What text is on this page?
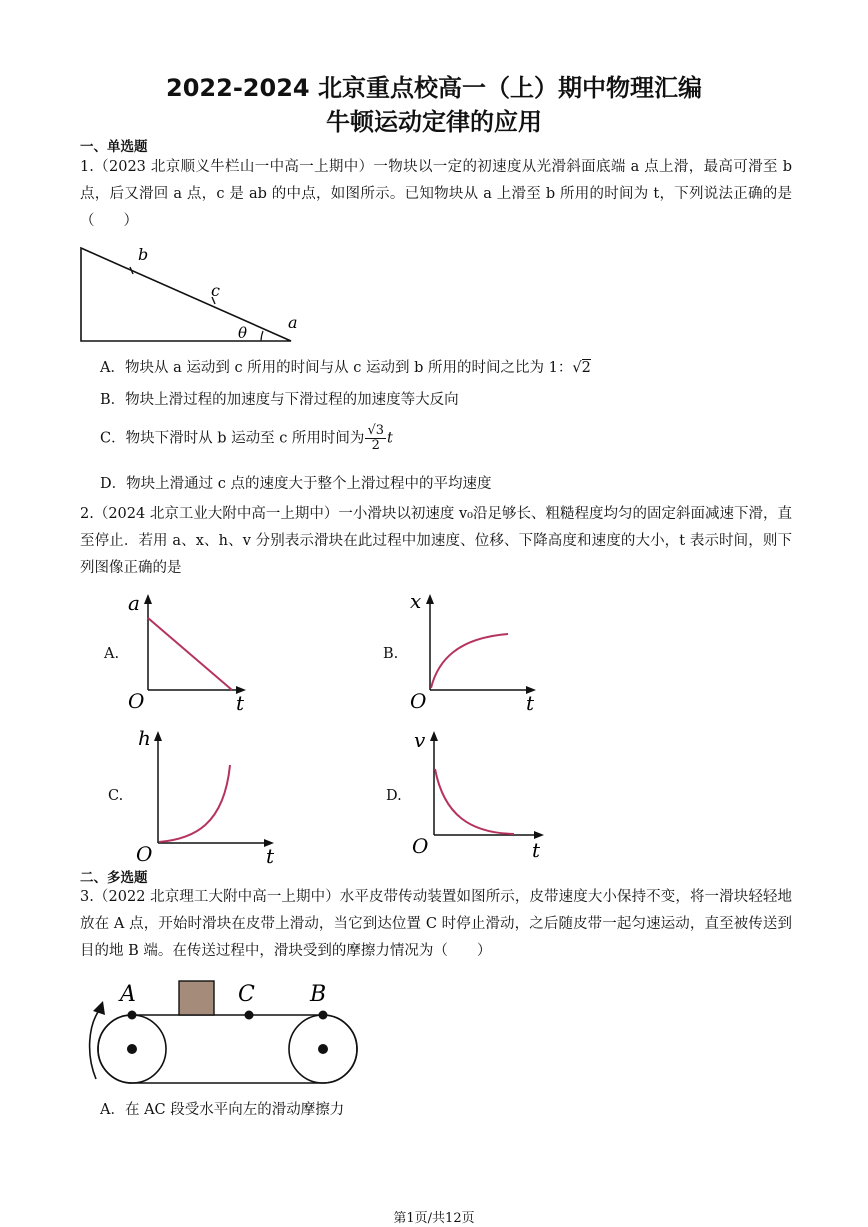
2022-2024 北京重点校高一（上）期中物理汇编
牛顿运动定律的应用
一、单选题
1.（2023 北京顺义牛栏山一中高一上期中）一物块以一定的初速度从光滑斜面底端 a 点上滑，最高可滑至 b 点，后又滑回 a 点，c 是 ab 的中点，如图所示。已知物块从 a 上滑至 b 所用的时间为 t，下列说法正确的是（　　）
b
c
θ
a
A．物块从 a 运动到 c 所用的时间与从 c 运动到 b 所用的时间之比为 1：√2
B．物块上滑过程的加速度与下滑过程的加速度等大反向
C．物块下滑时从 b 运动至 c 所用时间为 $\frac{√3}{2}$ t
D．物块上滑通过 c 点的速度大于整个上滑过程中的平均速度
2.（2024 北京工业大附中高一上期中）一小滑块以初速度 v₀沿足够长、粗糙程度均匀的固定斜面减速下滑，直至停止．若用 a、x、h、v 分别表示滑块在此过程中加速度、位移、下降高度和速度的大小，t 表示时间，则下列图像正确的是
A.	B.
C.	D.
a
t
O
x
t
O
h
t
O
v
t
O
二、多选题
3.（2022 北京理工大附中高一上期中）水平皮带传动装置如图所示，皮带速度大小保持不变，将一滑块轻轻地放在 A 点，开始时滑块在皮带上滑动，当它到达位置 C 时停止滑动，之后随皮带一起匀速运动，直至被传送到目的地 B 端。在传送过程中，滑块受到的摩擦力情况为（　　）
A	C	B
A．在 AC 段受水平向左的滑动摩擦力
第1页/共12页
